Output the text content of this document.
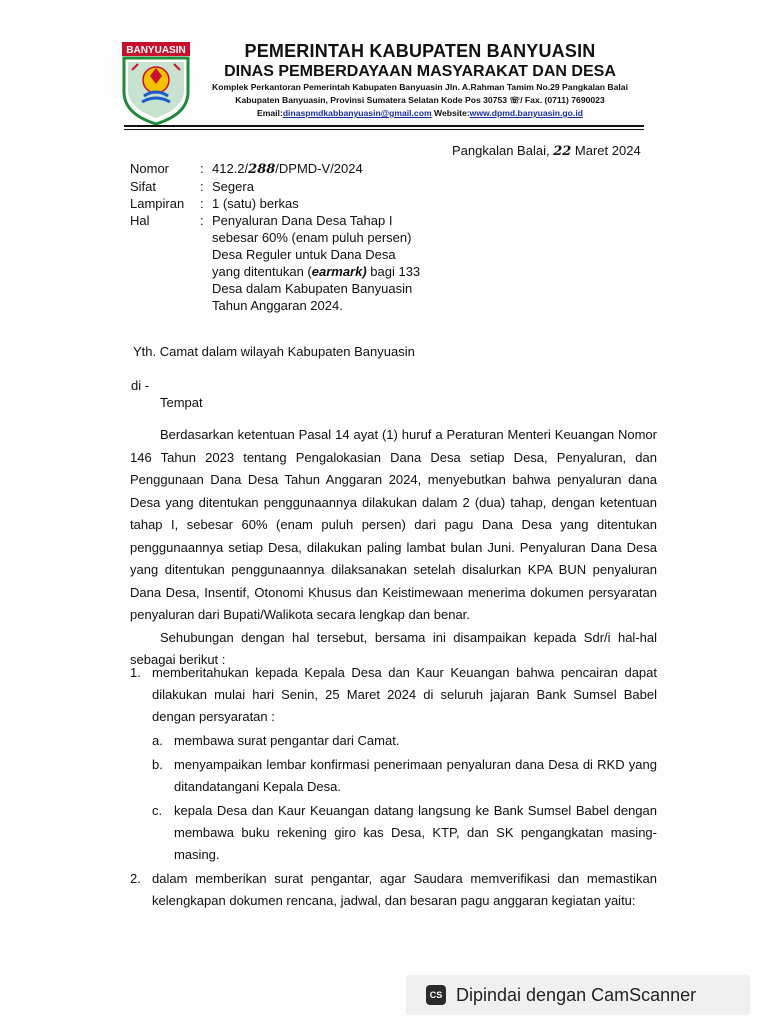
BANYUASIN	PEMERINTAH KABUPATEN BANYUASIN
DINAS PEMBERDAYAAN MASYARAKAT DAN DESA
Komplek Perkantoran Pemerintah Kabupaten Banyuasin Jln. A.Rahman Tamim No.29 Pangkalan Balai
Kabupaten Banyuasin, Provinsi Sumatera Selatan Kode Pos 30753 ☏/ Fax. (0711) 7690023
Email:dinaspmdkabbanyuasin@gmail.com Website:www.dpmd.banyuasin.go.id
Pangkalan Balai, 22 Maret 2024
Nomor	: 412.2/288/DPMD-V/2024
Sifat	: Segera
Lampiran	: 1 (satu) berkas
Hal	: Penyaluran Dana Desa Tahap I sebesar 60% (enam puluh persen) Desa Reguler untuk Dana Desa yang ditentukan (earmark) bagi 133 Desa dalam Kabupaten Banyuasin Tahun Anggaran 2024.
Yth. Camat dalam wilayah Kabupaten Banyuasin
di -
Tempat

Berdasarkan ketentuan Pasal 14 ayat (1) huruf a Peraturan Menteri Keuangan Nomor 146 Tahun 2023 tentang Pengalokasian Dana Desa setiap Desa, Penyaluran, dan Penggunaan Dana Desa Tahun Anggaran 2024, menyebutkan bahwa penyaluran dana Desa yang ditentukan penggunaannya dilakukan dalam 2 (dua) tahap, dengan ketentuan tahap I, sebesar 60% (enam puluh persen) dari pagu Dana Desa yang ditentukan penggunaannya setiap Desa, dilakukan paling lambat bulan Juni. Penyaluran Dana Desa yang ditentukan penggunaannya dilaksanakan setelah disalurkan KPA BUN penyaluran Dana Desa, Insentif, Otonomi Khusus dan Keistimewaan menerima dokumen persyaratan penyaluran dari Bupati/Walikota secara lengkap dan benar.

Sehubungan dengan hal tersebut, bersama ini disampaikan kepada Sdr/i hal-hal sebagai berikut :

1. memberitahukan kepada Kepala Desa dan Kaur Keuangan bahwa pencairan dapat dilakukan mulai hari Senin, 25 Maret 2024 di seluruh jajaran Bank Sumsel Babel dengan persyaratan :
a. membawa surat pengantar dari Camat.
b. menyampaikan lembar konfirmasi penerimaan penyaluran dana Desa di RKD yang ditandatangani Kepala Desa.
c. kepala Desa dan Kaur Keuangan datang langsung ke Bank Sumsel Babel dengan membawa buku rekening giro kas Desa, KTP, dan SK pengangkatan masing-masing.
2. dalam memberikan surat pengantar, agar Saudara memverifikasi dan memastikan kelengkapan dokumen rencana, jadwal, dan besaran pagu anggaran kegiatan yaitu:
CS Dipindai dengan CamScanner
